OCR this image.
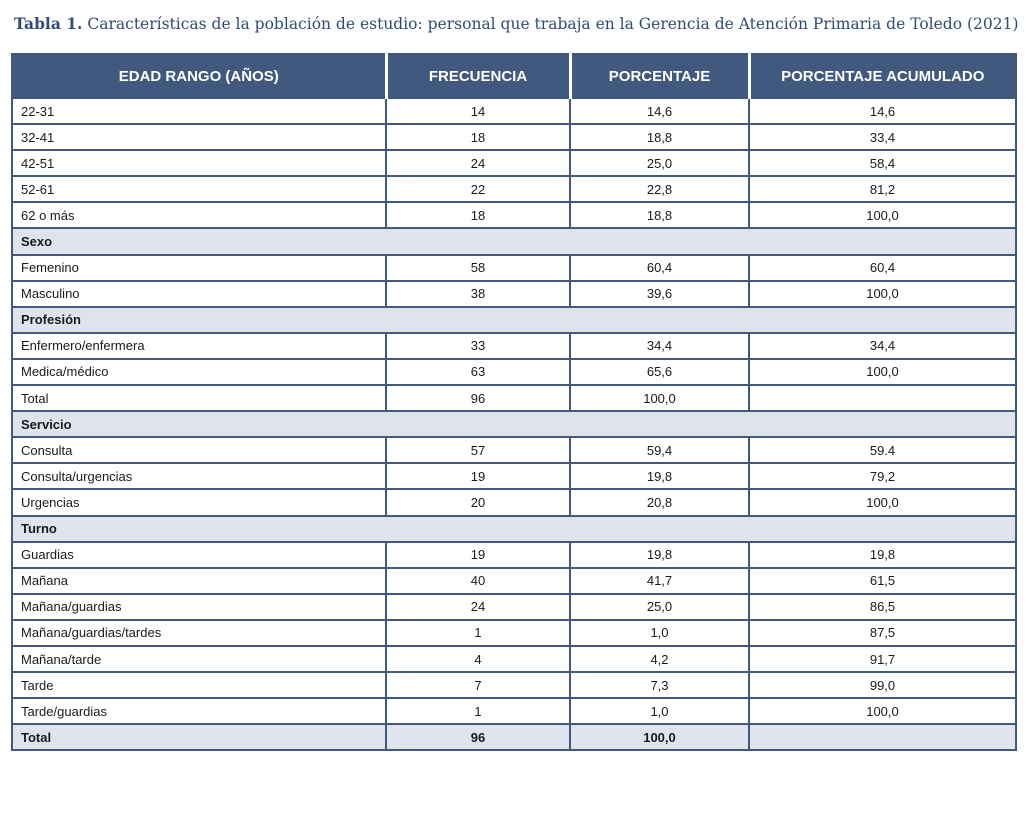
Tabla 1. Características de la población de estudio: personal que trabaja en la Gerencia de Atención Primaria de Toledo (2021)
EDAD RANGO (AÑOS)	FRECUENCIA	PORCENTAJE	PORCENTAJE ACUMULADO
22-31	14	14,6	14,6
32-41	18	18,8	33,4
42-51	24	25,0	58,4
52-61	22	22,8	81,2
62 o más	18	18,8	100,0
Sexo			
Femenino	58	60,4	60,4
Masculino	38	39,6	100,0
Profesión			
Enfermero/enfermera	33	34,4	34,4
Medica/médico	63	65,6	100,0
Total	96	100,0	
Servicio			
Consulta	57	59,4	59.4
Consulta/urgencias	19	19,8	79,2
Urgencias	20	20,8	100,0
Turno			
Guardias	19	19,8	19,8
Mañana	40	41,7	61,5
Mañana/guardias	24	25,0	86,5
Mañana/guardias/tardes	1	1,0	87,5
Mañana/tarde	4	4,2	91,7
Tarde	7	7,3	99,0
Tarde/guardias	1	1,0	100,0
Total	96	100,0	
